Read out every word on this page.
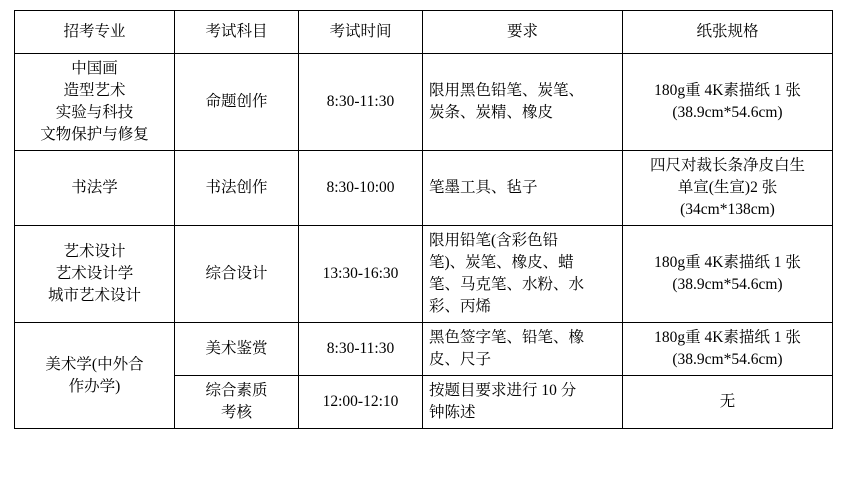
招考专业	考试科目	考试时间	要求	纸张规格

中国画
造型艺术
实验与科技
文物保护与修复	命题创作	8:30-11:30	限用黑色铅笔、炭笔、
炭条、炭精、橡皮	180g重 4K素描纸 1 张
(38.9cm*54.6cm)

书法学	书法创作	8:30-10:00	笔墨工具、毡子	四尺对裁长条净皮白生
单宣(生宣)2 张
(34cm*138cm)

艺术设计
艺术设计学
城市艺术设计	综合设计	13:30-16:30	限用铅笔(含彩色铅
笔)、炭笔、橡皮、蜡
笔、马克笔、水粉、水
彩、丙烯	180g重 4K素描纸 1 张
(38.9cm*54.6cm)

美术学(中外合
作办学)	美术鉴赏	8:30-11:30	黑色签字笔、铅笔、橡
皮、尺子	180g重 4K素描纸 1 张
(38.9cm*54.6cm)

	综合素质
考核	12:00-12:10	按题目要求进行 10 分
钟陈述	无
